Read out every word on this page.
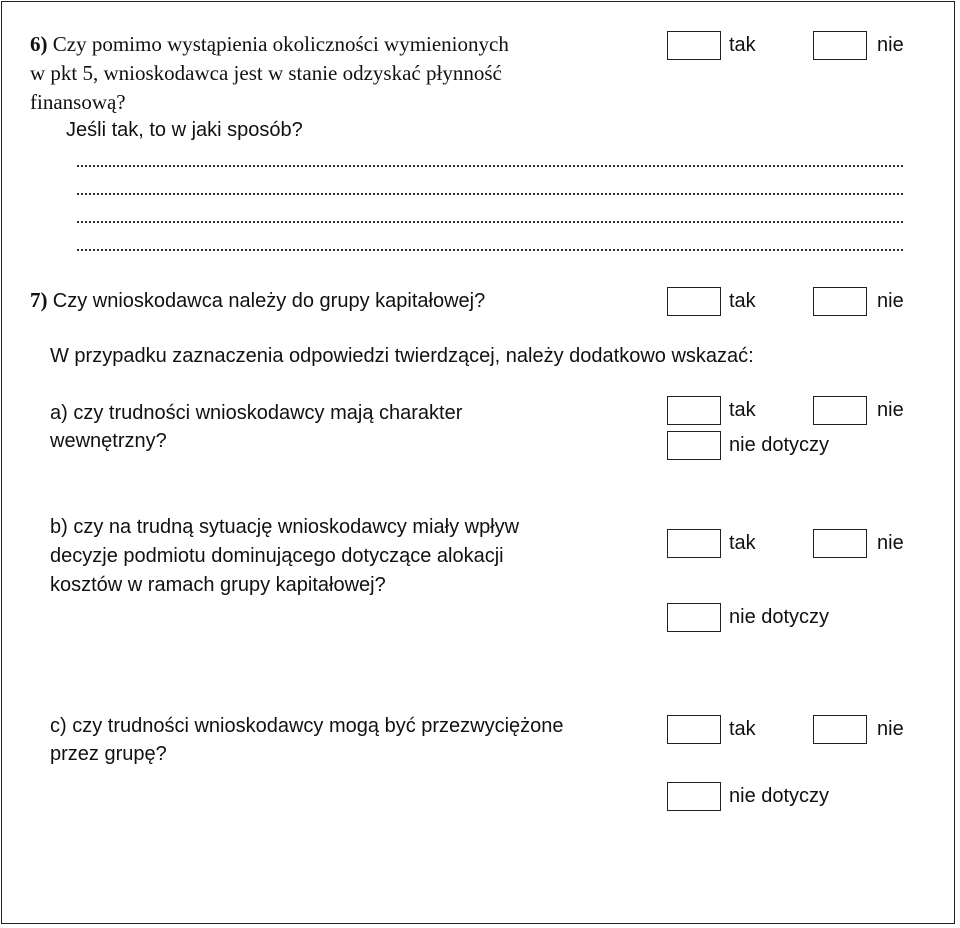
6) Czy pomimo wystąpienia okoliczności wymienionych
w pkt 5, wnioskodawca jest w stanie odzyskać płynność
finansową?
Jeśli tak, to w jaki sposób?
tak	nie
7) Czy wnioskodawca należy do grupy kapitałowej?	tak	nie
W przypadku zaznaczenia odpowiedzi twierdzącej, należy dodatkowo wskazać:
a) czy trudności wnioskodawcy mają charakter
wewnętrzny?
tak	nie
nie dotyczy
b) czy na trudną sytuację wnioskodawcy miały wpływ
decyzje podmiotu dominującego dotyczące alokacji
kosztów w ramach grupy kapitałowej?
tak	nie
nie dotyczy
c) czy trudności wnioskodawcy mogą być przezwyciężone
przez grupę?
tak	nie
nie dotyczy
